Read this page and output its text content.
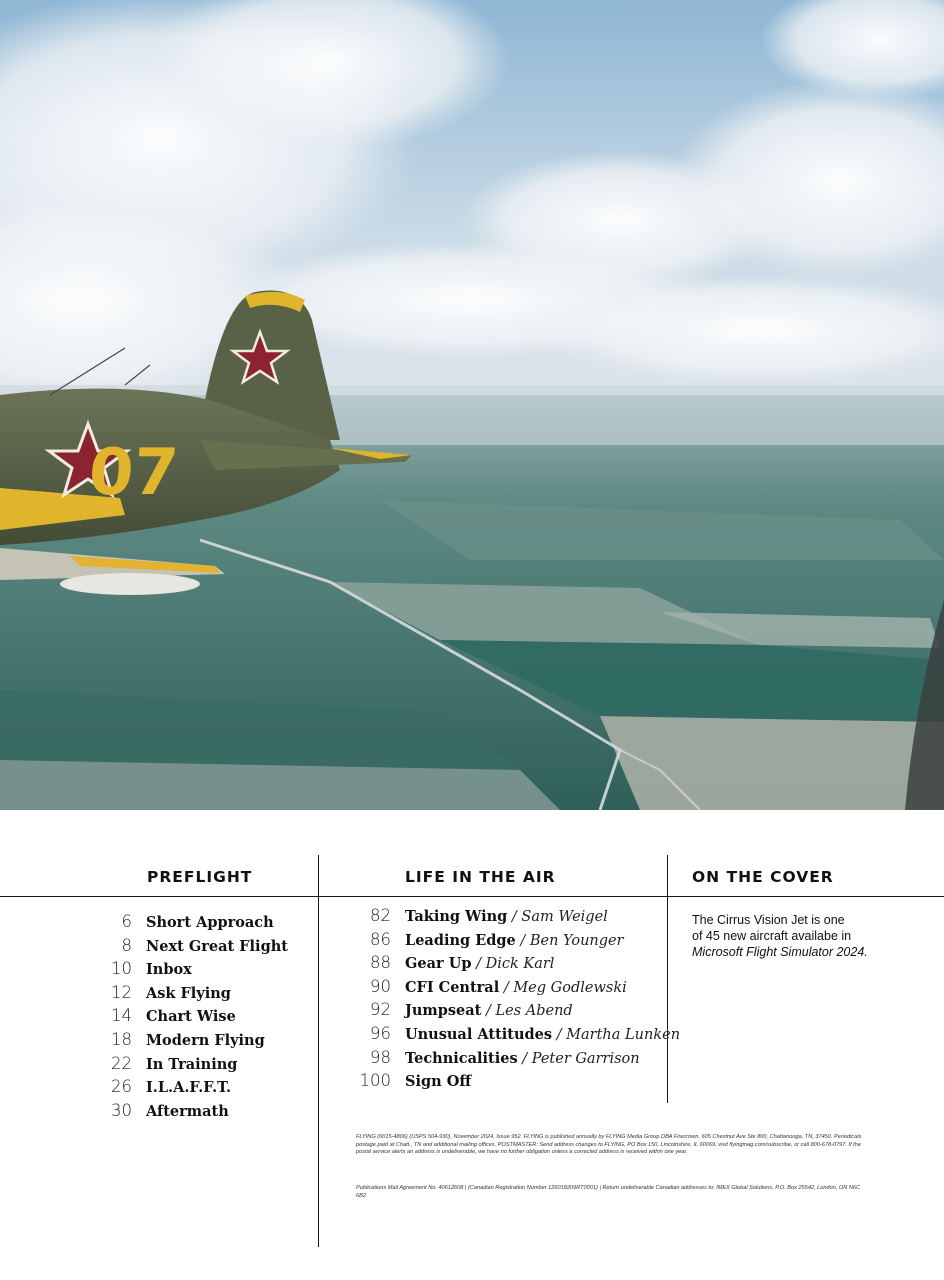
07
PREFLIGHT	LIFE IN THE AIR	ON THE COVER
6 Short Approach
8 Next Great Flight
10 Inbox
12 Ask Flying
14 Chart Wise
18 Modern Flying
22 In Training
26 I.L.A.F.F.T.
30 Aftermath
82 Taking Wing / Sam Weigel
86 Leading Edge / Ben Younger
88 Gear Up / Dick Karl
90 CFI Central / Meg Godlewski
92 Jumpseat / Les Abend
96 Unusual Attitudes / Martha Lunken
98 Technicalities / Peter Garrison
100 Sign Off
The Cirrus Vision Jet is one
of 45 new aircraft availabe in
Microsoft Flight Simulator 2024.
FLYING (0015-4806) (USPS 504-930), November 2024, Issue 952. FLYING is published annually by FLYING Media Group DBA Firecrown, 605 Chestnut Ave Ste 800, Chattanooga, TN, 37450. Periodicals postage paid at Chatt., TN and additional mailing offices. POSTMASTER: Send address changes to FLYING, PO Box 150, Lincolnshire, IL 60069, visit flyingmag.com/subscribe, or call 800-678-0797. If the postal service alerts an address is undeliverable, we have no further obligation unless a corrected address is received within one year.
Publications Mail Agreement No. 40612608 | (Canadian Registration Number 126018209RT0001) | Return undeliverable Canadian addresses to: IMEX Global Solutions, P.O. Box 25542, London, ON N6C 6B2
